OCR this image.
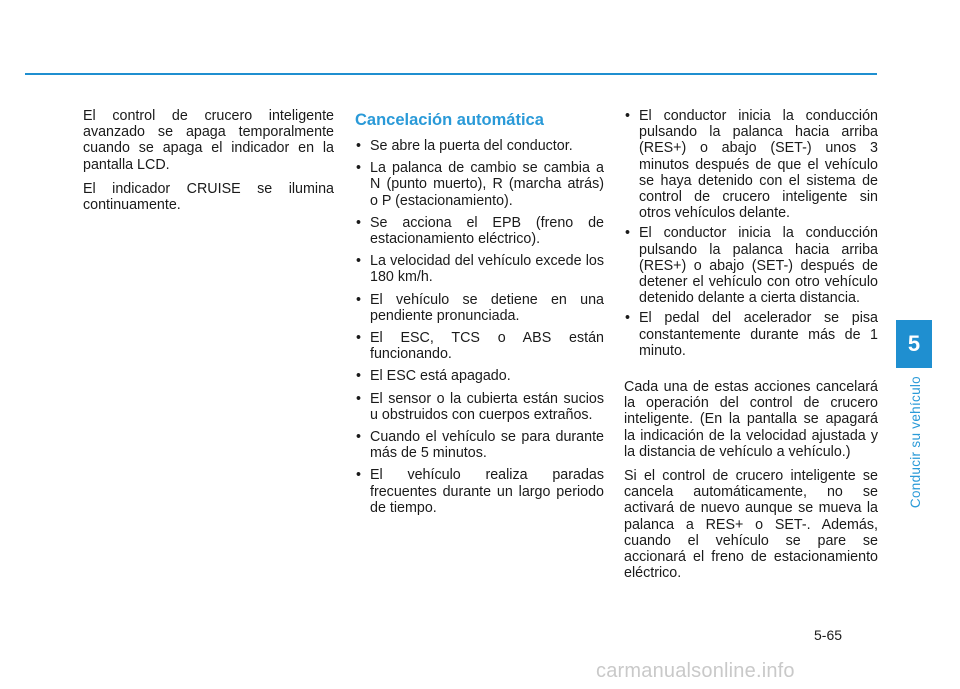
El control de crucero inteligente avanzado se apaga temporalmente cuando se apaga el indicador en la pantalla LCD.

El indicador CRUISE se ilumina continuamente.

Cancelación automática
• Se abre la puerta del conductor.
• La palanca de cambio se cambia a N (punto muerto), R (marcha atrás) o P (estacionamiento).
• Se acciona el EPB (freno de estacionamiento eléctrico).
• La velocidad del vehículo excede los 180 km/h.
• El vehículo se detiene en una pendiente pronunciada.
• El ESC, TCS o ABS están funcionando.
• El ESC está apagado.
• El sensor o la cubierta están sucios u obstruidos con cuerpos extraños.
• Cuando el vehículo se para durante más de 5 minutos.
• El vehículo realiza paradas frecuentes durante un largo periodo de tiempo.
• El conductor inicia la conducción pulsando la palanca hacia arriba (RES+) o abajo (SET-) unos 3 minutos después de que el vehículo se haya detenido con el sistema de control de crucero inteligente sin otros vehículos delante.
• El conductor inicia la conducción pulsando la palanca hacia arriba (RES+) o abajo (SET-) después de detener el vehículo con otro vehículo detenido delante a cierta distancia.
• El pedal del acelerador se pisa constantemente durante más de 1 minuto.

Cada una de estas acciones cancelará la operación del control de crucero inteligente. (En la pantalla se apagará la indicación de la velocidad ajustada y la distancia de vehículo a vehículo.)

Si el control de crucero inteligente se cancela automáticamente, no se activará de nuevo aunque se mueva la palanca a RES+ o SET-. Además, cuando el vehículo se pare se accionará el freno de estacionamiento eléctrico.

5
Conducir su vehículo
5-65
carmanualsonline.info
